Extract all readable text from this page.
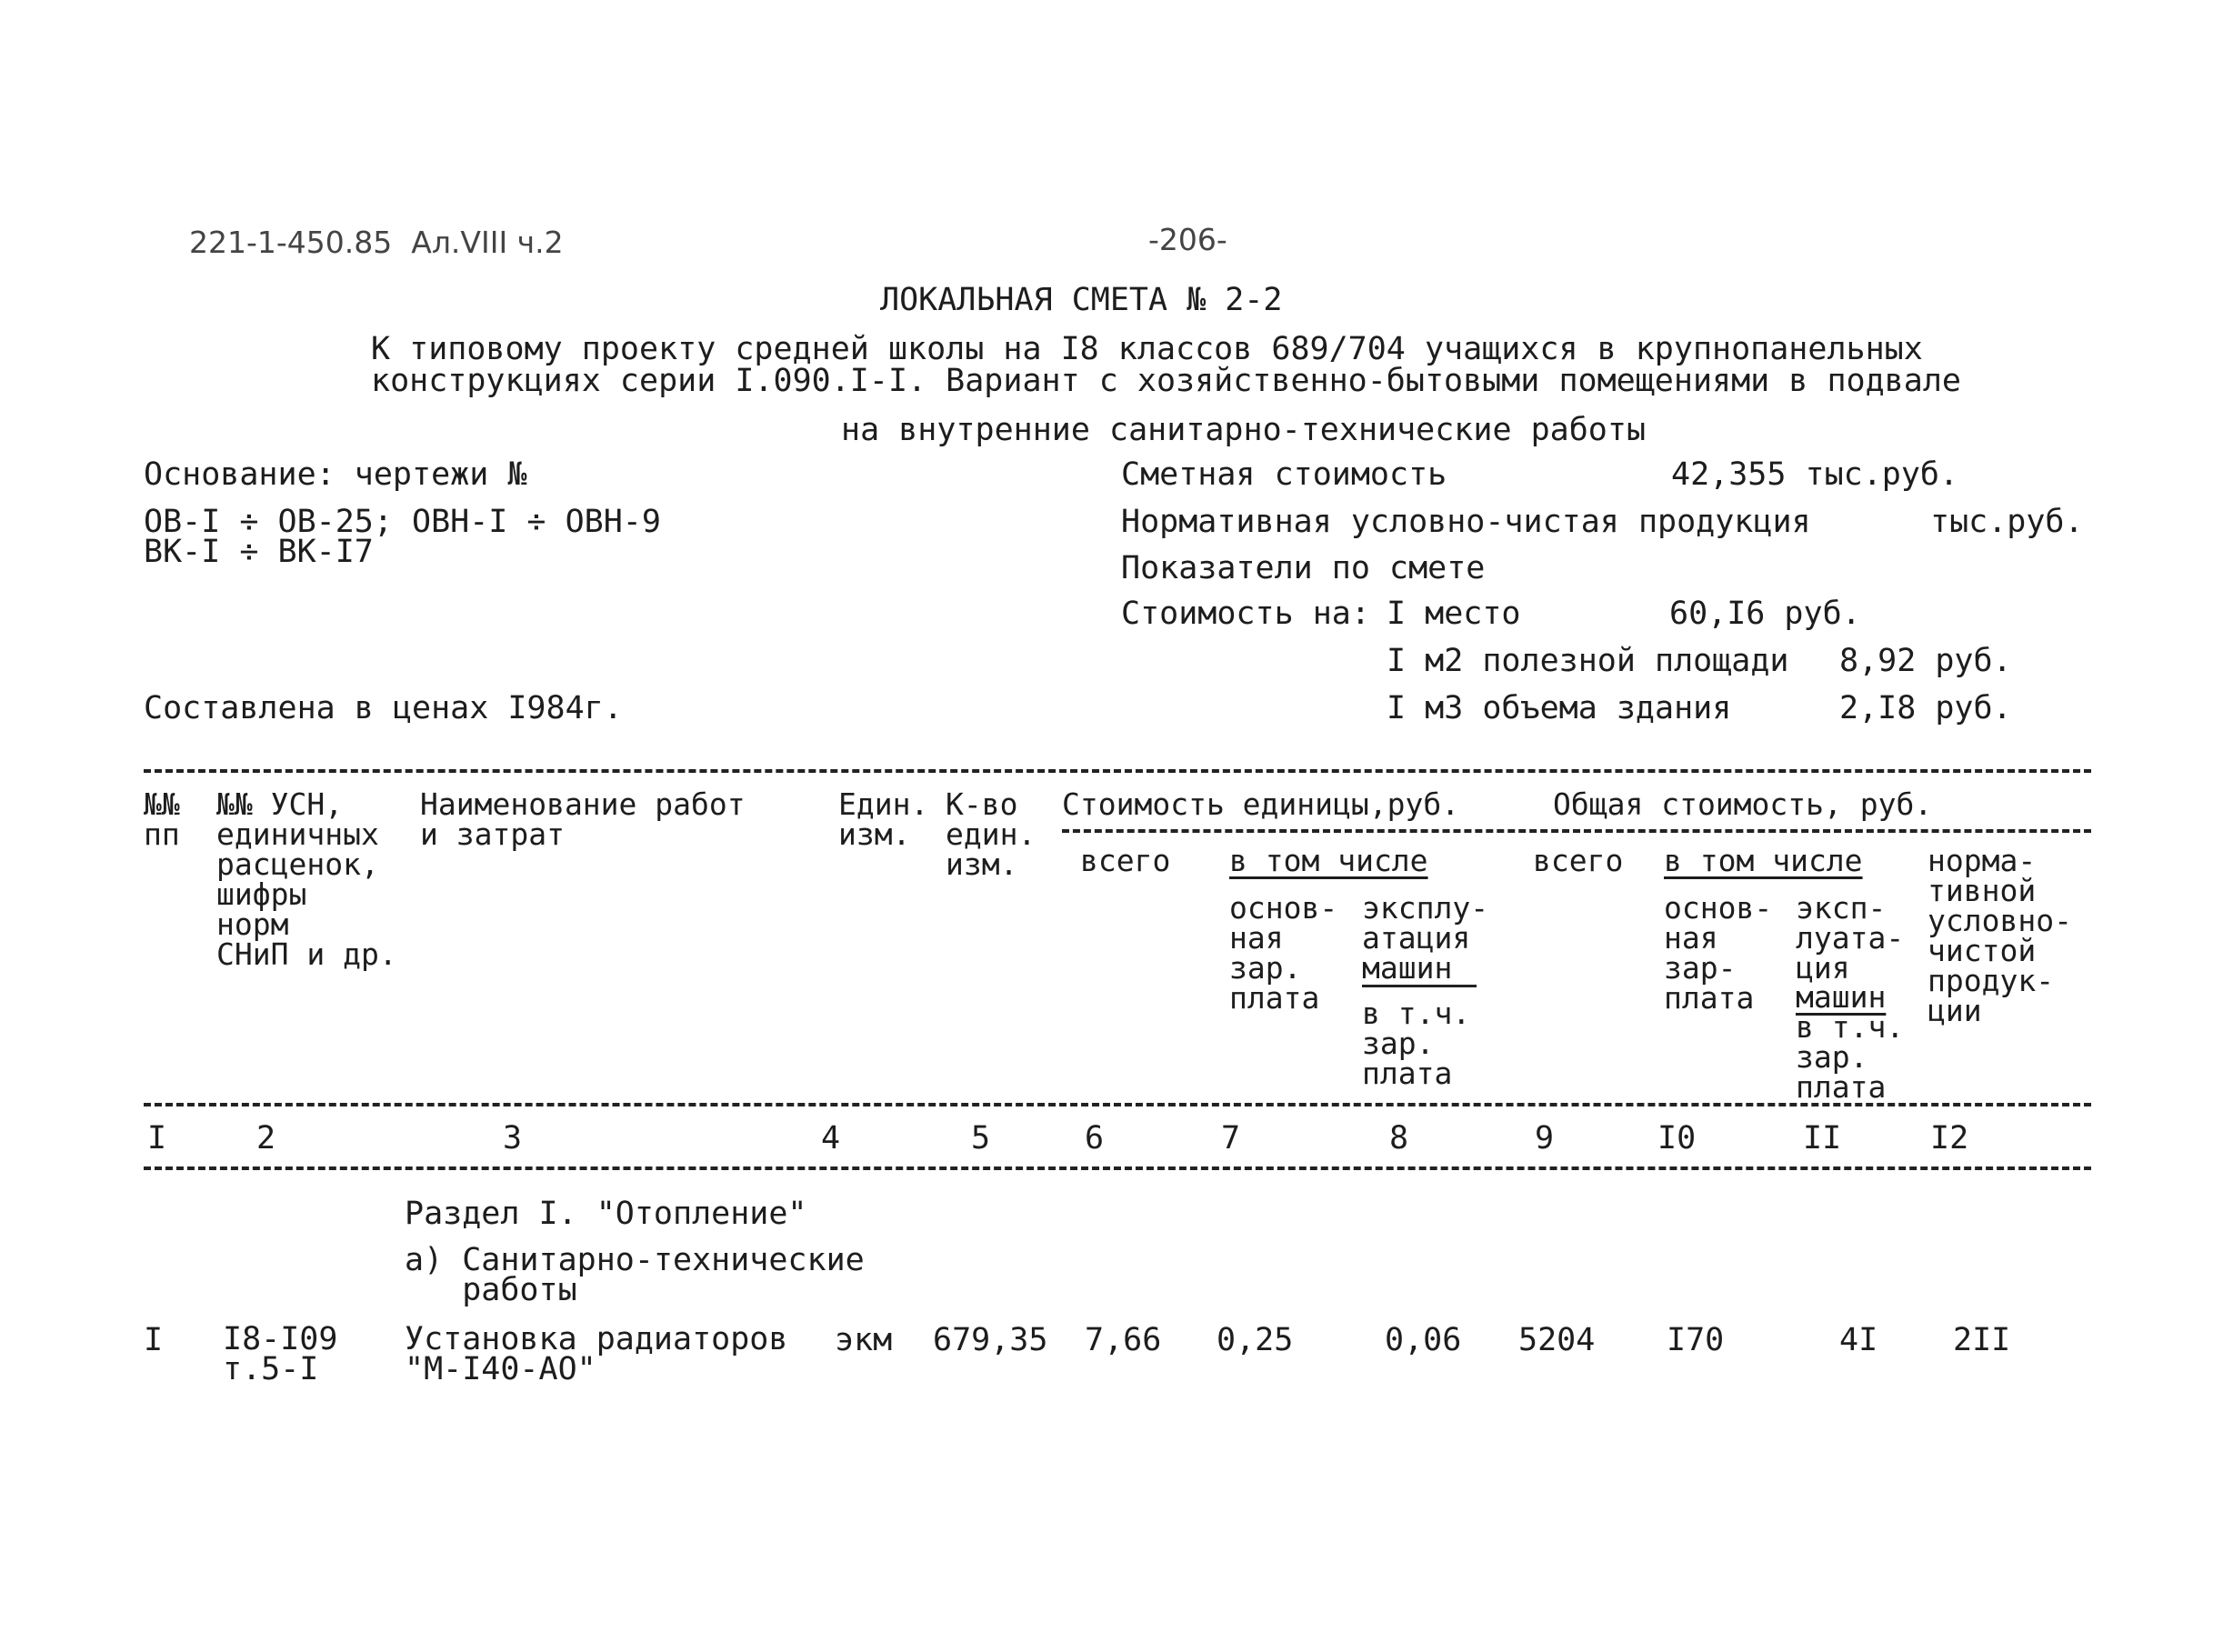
221-1-450.85  Ал.VIII ч.2	-206-
ЛОКАЛЬНАЯ СМЕТА № 2-2
К типовому проекту средней школы на I8 классов 689/704 учащихся в крупнопанельных
конструкциях серии I.090.I-I. Вариант с хозяйственно-бытовыми помещениями в подвале
на внутренние санитарно-технические работы
Основание: чертежи №
ОВ-I ÷ ОВ-25; ОВН-I ÷ ОВН-9
ВК-I ÷ ВК-I7
Составлена в ценах I984г.
Сметная стоимость	42,355 тыс.руб.
Нормативная условно-чистая продукция	тыс.руб.
Показатели по смете
Стоимость на: I место	60,I6 руб.
I м2 полезной площади 8,92 руб.
I м3 объема здания	2,I8 руб.
№№
пп
№№ УСН,
единичных
расценок,
шифры
норм
СНиП и др.
Наименование работ
и затрат
Един.
изм.
К-во
един.
изм.
Стоимость единицы,руб.	Общая стоимость, руб.
всего в том числе
основ-
ная
зар.
плата
эксплу-
атация
машин
в т.ч.
зар.
плата
всего в том числе
основ-
ная
зар-
плата
эксп-
луата-
ция
машин
в т.ч.
зар.
плата
норма-
тивной
условно-
чистой
продук-
ции
I	2	3	4	5	6	7	8	9	I0	II	I2
Раздел I. "Отопление"
а) Санитарно-технические
работы
I I8-I09
т.5-I
Установка радиаторов
"М-I40-АО"
экм 679,35 7,66 0,25	0,06 5204 I70	4I 2II
